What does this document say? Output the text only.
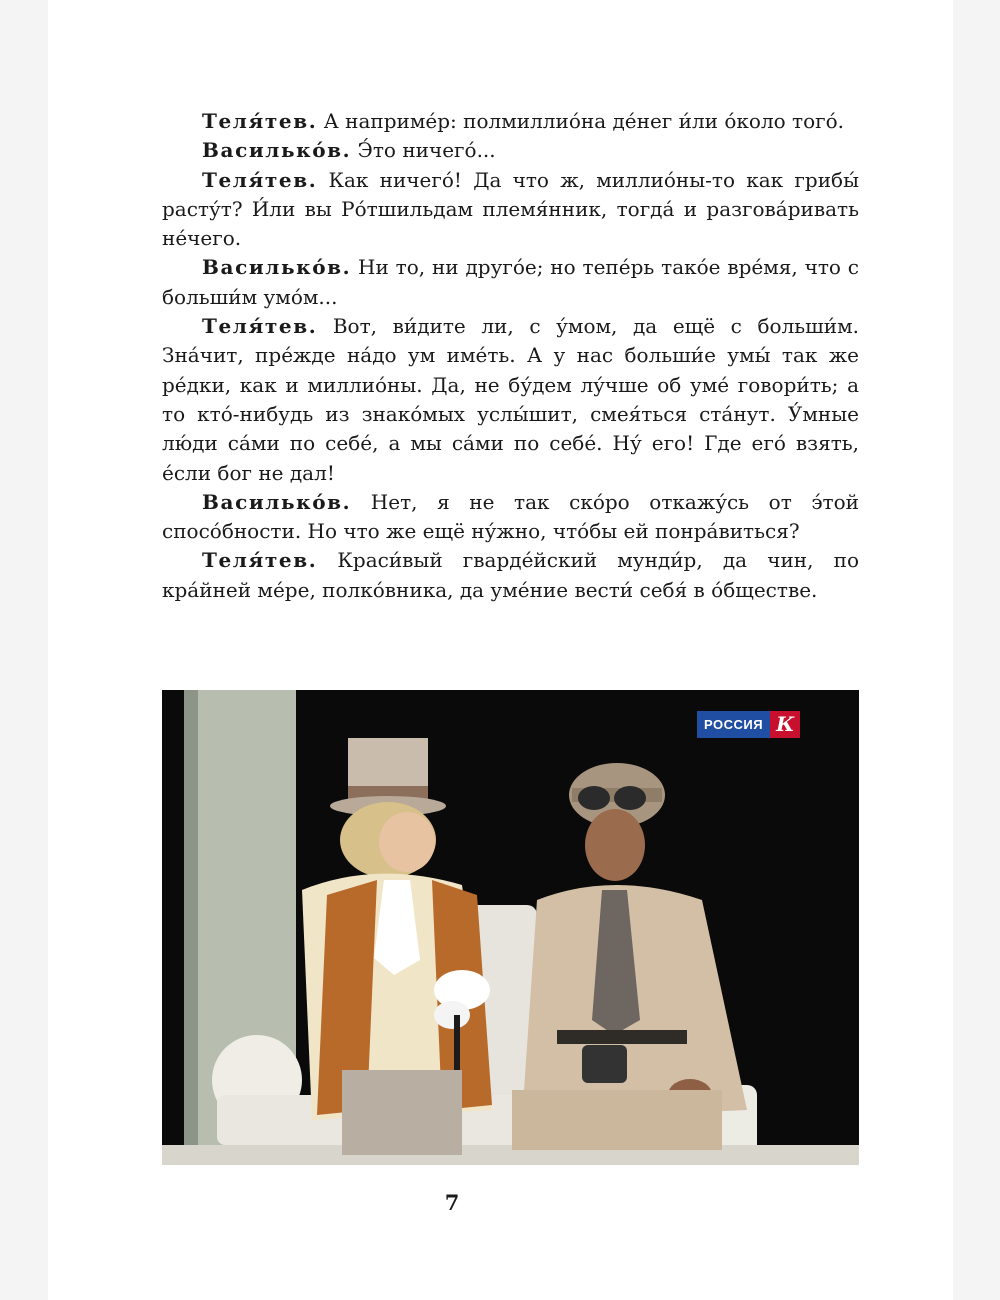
Теля́тев. А наприме́р: полмиллио́на де́нег и́ли о́коло того́.

Василько́в. Э́то ничего́...

Теля́тев. Как ничего́! Да что ж, миллио́ны-то как грибы́ расту́т? И́ли вы Ро́тшильдам племя́нник, тогда́ и разгова́ривать не́чего.

Василько́в. Ни то, ни друго́е; но тепе́рь тако́е вре́мя, что с больши́м умо́м...

Теля́тев. Вот, ви́дите ли, с у́мом, да ещё с больши́м. Зна́чит, пре́жде на́до ум име́ть. А у нас больши́е умы́ так же ре́дки, как и миллио́ны. Да, не бу́дем лу́чше об уме́ говори́ть; а то кто́-нибудь из знако́мых услы́шит, смея́ться ста́нут. У́мные лю́ди са́ми по себе́, а мы са́ми по себе́. Ну́ его! Где его́ взять, е́сли бог не дал!

Василько́в. Нет, я не так ско́ро откажу́сь от э́той спосо́бности. Но что же ещё ну́жно, что́бы ей понра́виться?

Теля́тев. Краси́вый гварде́йский мунди́р, да чин, по кра́йней ме́ре, полко́вника, да уме́ние вести́ себя́ в о́бществе.

РОССИЯ К
7
